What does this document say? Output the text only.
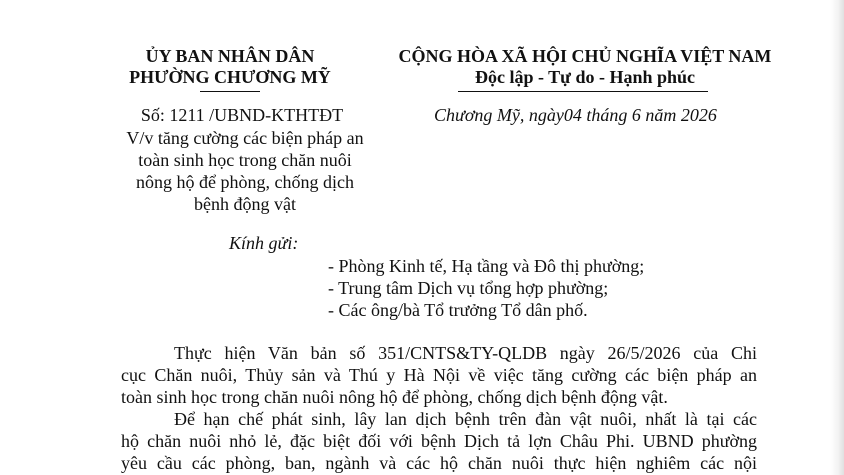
ỦY BAN NHÂN DÂN
PHƯỜNG CHƯƠNG MỸ
CỘNG HÒA XÃ HỘI CHỦ NGHĨA VIỆT NAM
Độc lập - Tự do - Hạnh phúc
Số: 1211 /UBND-KTHTĐT
V/v tăng cường các biện pháp an
toàn sinh học trong chăn nuôi
nông hộ để phòng, chống dịch
bệnh động vật
Chương Mỹ, ngày04 tháng 6 năm 2026
Kính gửi:
- Phòng Kinh tế, Hạ tầng và Đô thị phường;
- Trung tâm Dịch vụ tổng hợp phường;
- Các ông/bà Tổ trưởng Tổ dân phố.
Thực hiện Văn bản số 351/CNTS&TY-QLDB ngày 26/5/2026 của Chi
cục Chăn nuôi, Thủy sản và Thú y Hà Nội về việc tăng cường các biện pháp an
toàn sinh học trong chăn nuôi nông hộ để phòng, chống dịch bệnh động vật.
Để hạn chế phát sinh, lây lan dịch bệnh trên đàn vật nuôi, nhất là tại các
hộ chăn nuôi nhỏ lẻ, đặc biệt đối với bệnh Dịch tả lợn Châu Phi. UBND phường
yêu cầu các phòng, ban, ngành và các hộ chăn nuôi thực hiện nghiêm các nội
